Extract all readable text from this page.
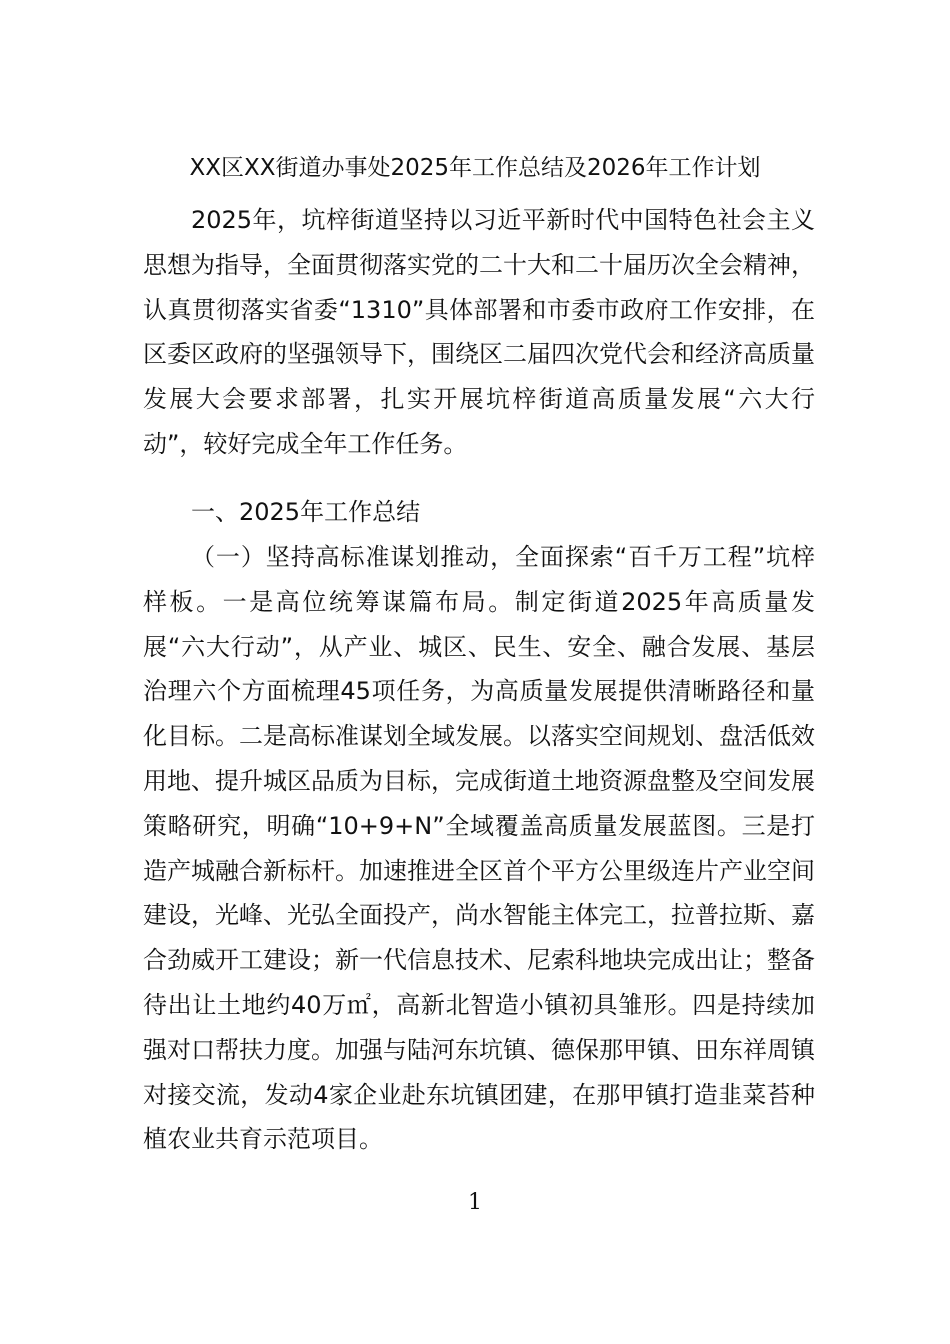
XX区XX街道办事处2025年工作总结及2026年工作计划

2025年，坑梓街道坚持以习近平新时代中国特色社会主义思想为指导，全面贯彻落实党的二十大和二十届历次全会精神，认真贯彻落实省委“1310”具体部署和市委市政府工作安排，在区委区政府的坚强领导下，围绕区二届四次党代会和经济高质量发展大会要求部署，扎实开展坑梓街道高质量发展“六大行动”，较好完成全年工作任务。

一、2025年工作总结

（一）坚持高标准谋划推动，全面探索“百千万工程”坑梓样板。一是高位统筹谋篇布局。制定街道2025年高质量发展“六大行动”，从产业、城区、民生、安全、融合发展、基层治理六个方面梳理45项任务，为高质量发展提供清晰路径和量化目标。二是高标准谋划全域发展。以落实空间规划、盘活低效用地、提升城区品质为目标，完成街道土地资源盘整及空间发展策略研究，明确“10+9+N”全域覆盖高质量发展蓝图。三是打造产城融合新标杆。加速推进全区首个平方公里级连片产业空间建设，光峰、光弘全面投产，尚水智能主体完工，拉普拉斯、嘉合劲威开工建设；新一代信息技术、尼索科地块完成出让；整备待出让土地约40万㎡，高新北智造小镇初具雏形。四是持续加强对口帮扶力度。加强与陆河东坑镇、德保那甲镇、田东祥周镇对接交流，发动4家企业赴东坑镇团建，在那甲镇打造韭菜苔种植农业共育示范项目。

1
